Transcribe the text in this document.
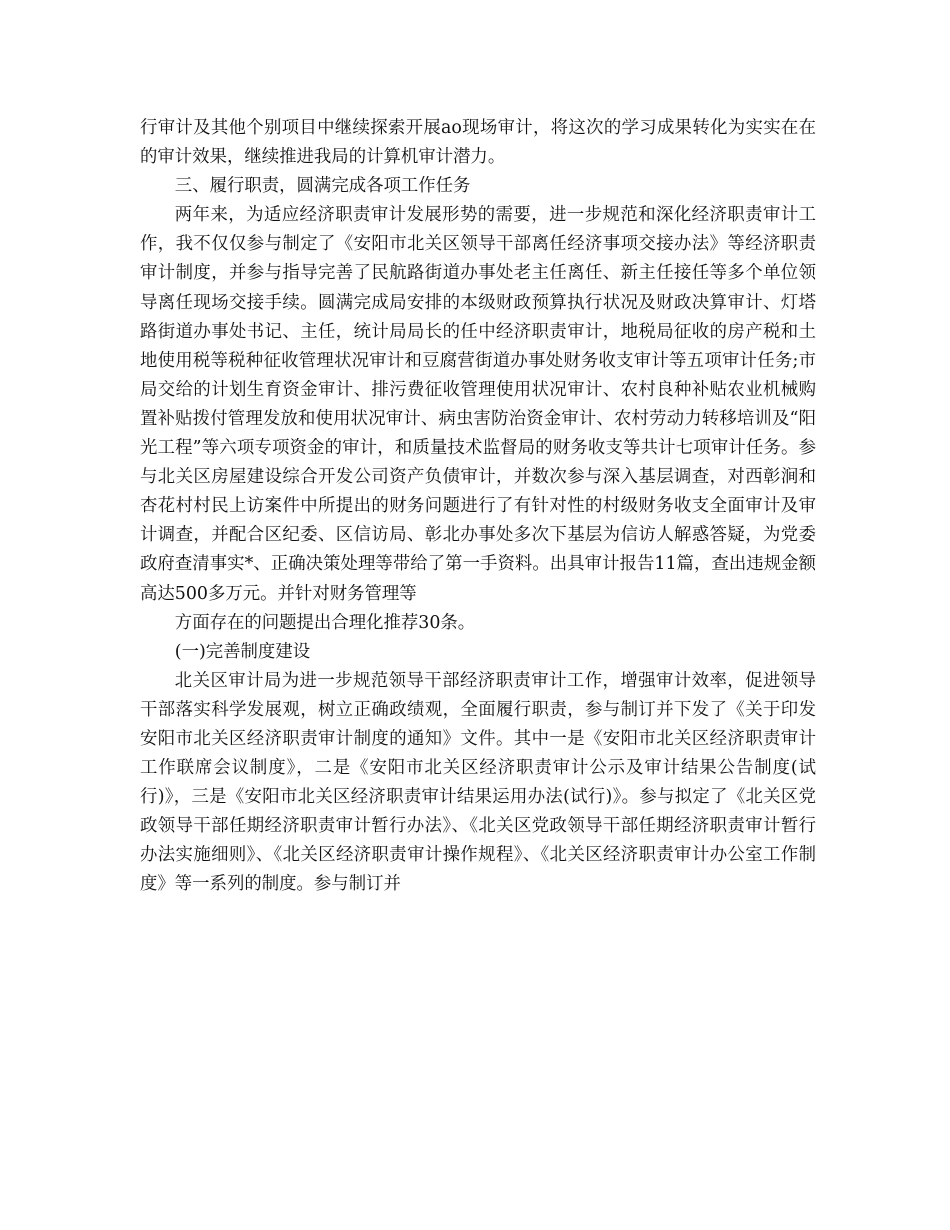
行审计及其他个别项目中继续探索开展ao现场审计，将这次的学习成果转化为实实在在的审计效果，继续推进我局的计算机审计潜力。

三、履行职责，圆满完成各项工作任务

两年来，为适应经济职责审计发展形势的需要，进一步规范和深化经济职责审计工作，我不仅仅参与制定了《安阳市北关区领导干部离任经济事项交接办法》等经济职责审计制度，并参与指导完善了民航路街道办事处老主任离任、新主任接任等多个单位领导离任现场交接手续。圆满完成局安排的本级财政预算执行状况及财政决算审计、灯塔路街道办事处书记、主任，统计局局长的任中经济职责审计，地税局征收的房产税和土地使用税等税种征收管理状况审计和豆腐营街道办事处财务收支审计等五项审计任务;市局交给的计划生育资金审计、排污费征收管理使用状况审计、农村良种补贴农业机械购置补贴拨付管理发放和使用状况审计、病虫害防治资金审计、农村劳动力转移培训及“阳光工程”等六项专项资金的审计，和质量技术监督局的财务收支等共计七项审计任务。参与北关区房屋建设综合开发公司资产负债审计，并数次参与深入基层调查，对西彰涧和杏花村村民上访案件中所提出的财务问题进行了有针对性的村级财务收支全面审计及审计调查，并配合区纪委、区信访局、彰北办事处多次下基层为信访人解惑答疑，为党委政府查清事实*、正确决策处理等带给了第一手资料。出具审计报告11篇，查出违规金额高达500多万元。并针对财务管理等

方面存在的问题提出合理化推荐30条。

(一)完善制度建设

北关区审计局为进一步规范领导干部经济职责审计工作，增强审计效率，促进领导干部落实科学发展观，树立正确政绩观，全面履行职责，参与制订并下发了《关于印发安阳市北关区经济职责审计制度的通知》文件。其中一是《安阳市北关区经济职责审计工作联席会议制度》，二是《安阳市北关区经济职责审计公示及审计结果公告制度(试行)》，三是《安阳市北关区经济职责审计结果运用办法(试行)》。参与拟定了《北关区党政领导干部任期经济职责审计暂行办法》、《北关区党政领导干部任期经济职责审计暂行办法实施细则》、《北关区经济职责审计操作规程》、《北关区经济职责审计办公室工作制度》等一系列的制度。参与制订并
